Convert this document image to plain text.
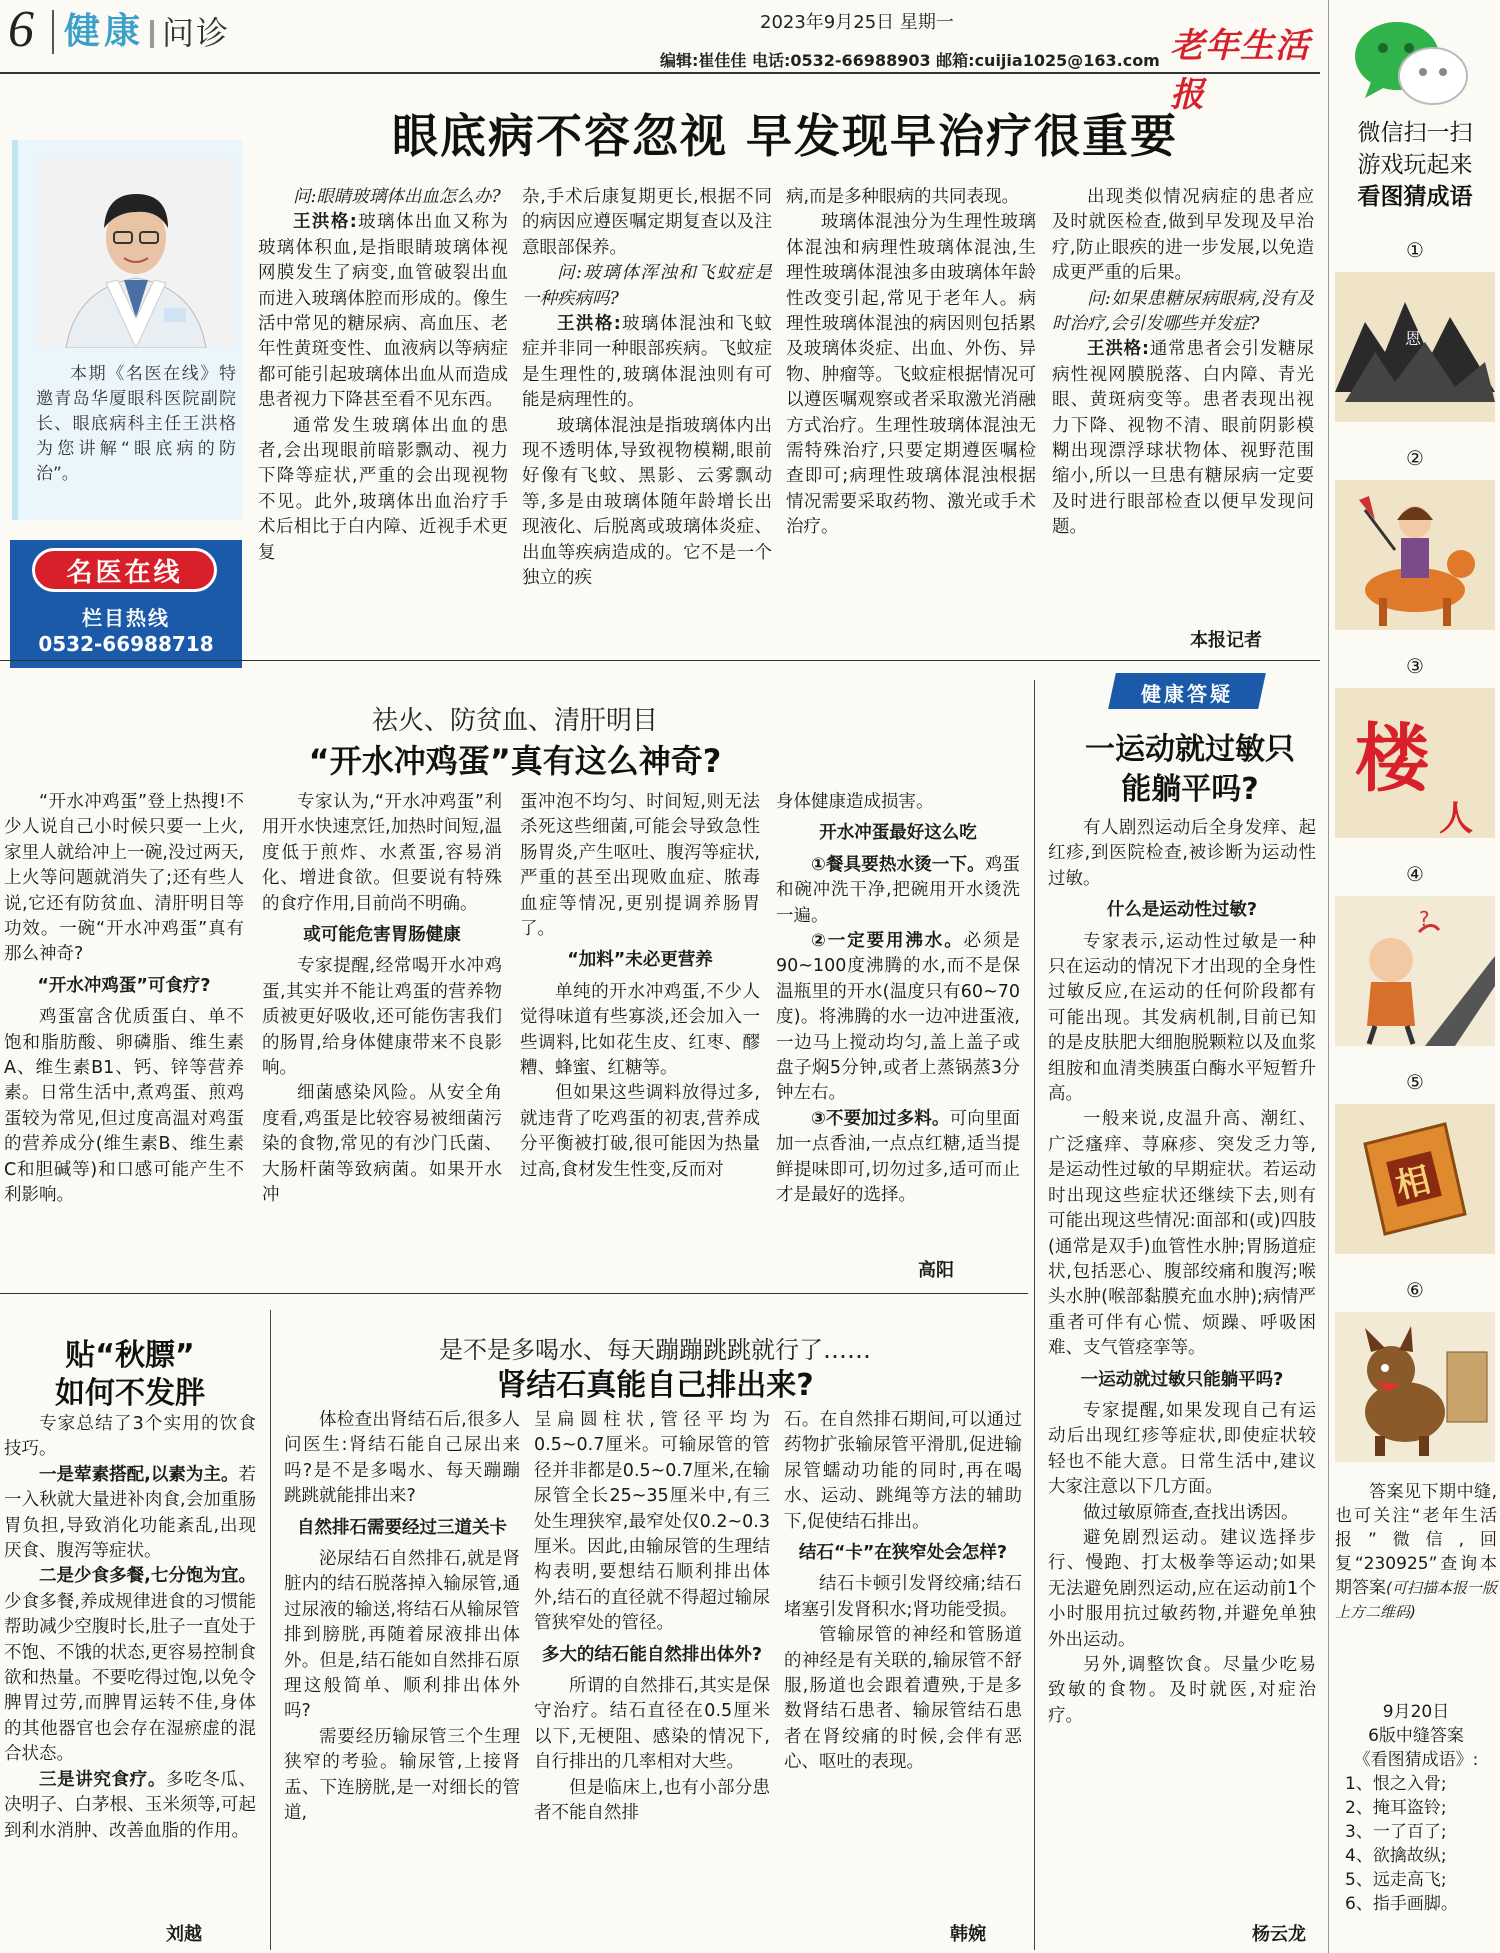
6 健康 问诊	2023年9月25日 星期一
编辑:崔佳佳 电话:0532-66988903 邮箱:cuijia1025@163.com 老年生活报
眼底病不容忽视 早发现早治疗很重要
本期《名医在线》特邀青岛华厦眼科医院副院长、眼底病科主任王洪格为您讲解“眼底病的防治”。
名医在线
栏目热线
0532-66988718

问:眼睛玻璃体出血怎么办?

王洪格:玻璃体出血又称为玻璃体积血,是指眼睛玻璃体视网膜发生了病变,血管破裂出血而进入玻璃体腔而形成的。像生活中常见的糖尿病、高血压、老年性黄斑变性、血液病以等病症都可能引起玻璃体出血从而造成患者视力下降甚至看不见东西。

通常发生玻璃体出血的患者,会出现眼前暗影飘动、视力下降等症状,严重的会出现视物不见。此外,玻璃体出血治疗手术后相比于白内障、近视手术更复

杂,手术后康复期更长,根据不同的病因应遵医嘱定期复查以及注意眼部保养。

问:玻璃体浑浊和飞蚊症是一种疾病吗?

王洪格:玻璃体混浊和飞蚊症并非同一种眼部疾病。飞蚊症是生理性的,玻璃体混浊则有可能是病理性的。

玻璃体混浊是指玻璃体内出现不透明体,导致视物模糊,眼前好像有飞蚊、黑影、云雾飘动等,多是由玻璃体随年龄增长出现液化、后脱离或玻璃体炎症、出血等疾病造成的。它不是一个独立的疾

病,而是多种眼病的共同表现。

玻璃体混浊分为生理性玻璃体混浊和病理性玻璃体混浊,生理性玻璃体混浊多由玻璃体年龄性改变引起,常见于老年人。病理性玻璃体混浊的病因则包括累及玻璃体炎症、出血、外伤、异物、肿瘤等。飞蚊症根据情况可以遵医嘱观察或者采取激光消融方式治疗。生理性玻璃体混浊无需特殊治疗,只要定期遵医嘱检查即可;病理性玻璃体混浊根据情况需要采取药物、激光或手术治疗。

出现类似情况病症的患者应及时就医检查,做到早发现及早治疗,防止眼疾的进一步发展,以免造成更严重的后果。

问:如果患糖尿病眼病,没有及时治疗,会引发哪些并发症?

王洪格:通常患者会引发糖尿病性视网膜脱落、白内障、青光眼、黄斑病变等。患者表现出视力下降、视物不清、眼前阴影模糊出现漂浮球状物体、视野范围缩小,所以一旦患有糖尿病一定要及时进行眼部检查以便早发现问题。

本报记者
祛火、防贫血、清肝明目
“开水冲鸡蛋”真有这么神奇?

“开水冲鸡蛋”登上热搜!不少人说自己小时候只要一上火,家里人就给冲上一碗,没过两天,上火等问题就消失了;还有些人说,它还有防贫血、清肝明目等功效。一碗“开水冲鸡蛋”真有那么神奇?

“开水冲鸡蛋”可食疗?

鸡蛋富含优质蛋白、单不饱和脂肪酸、卵磷脂、维生素A、维生素B1、钙、锌等营养素。日常生活中,煮鸡蛋、煎鸡蛋较为常见,但过度高温对鸡蛋的营养成分(维生素B、维生素C和胆碱等)和口感可能产生不利影响。

专家认为,“开水冲鸡蛋”利用开水快速烹饪,加热时间短,温度低于煎炸、水煮蛋,容易消化、增进食欲。但要说有特殊的食疗作用,目前尚不明确。

或可能危害胃肠健康

专家提醒,经常喝开水冲鸡蛋,其实并不能让鸡蛋的营养物质被更好吸收,还可能伤害我们的肠胃,给身体健康带来不良影响。

细菌感染风险。从安全角度看,鸡蛋是比较容易被细菌污染的食物,常见的有沙门氏菌、大肠杆菌等致病菌。如果开水冲

蛋冲泡不均匀、时间短,则无法杀死这些细菌,可能会导致急性肠胃炎,产生呕吐、腹泻等症状,严重的甚至出现败血症、脓毒血症等情况,更别提调养肠胃了。

“加料”未必更营养

单纯的开水冲鸡蛋,不少人觉得味道有些寡淡,还会加入一些调料,比如花生皮、红枣、醪糟、蜂蜜、红糖等。

但如果这些调料放得过多,就违背了吃鸡蛋的初衷,营养成分平衡被打破,很可能因为热量过高,食材发生性变,反而对

身体健康造成损害。

开水冲蛋最好这么吃

①餐具要热水烫一下。鸡蛋和碗冲洗干净,把碗用开水烫洗一遍。

②一定要用沸水。必须是90~100度沸腾的水,而不是保温瓶里的开水(温度只有60~70度)。将沸腾的水一边冲进蛋液,一边马上搅动均匀,盖上盖子或盘子焖5分钟,或者上蒸锅蒸3分钟左右。

③不要加过多料。可向里面加一点香油,一点点红糖,适当提鲜提味即可,切勿过多,适可而止才是最好的选择。

高阳
健康答疑
一运动就过敏只能躺平吗?

有人剧烈运动后全身发痒、起红疹,到医院检查,被诊断为运动性过敏。

什么是运动性过敏?

专家表示,运动性过敏是一种只在运动的情况下才出现的全身性过敏反应,在运动的任何阶段都有可能出现。其发病机制,目前已知的是皮肤肥大细胞脱颗粒以及血浆组胺和血清类胰蛋白酶水平短暂升高。

一般来说,皮温升高、潮红、广泛瘙痒、荨麻疹、突发乏力等,是运动性过敏的早期症状。若运动时出现这些症状还继续下去,则有可能出现这些情况:面部和(或)四肢(通常是双手)血管性水肿;胃肠道症状,包括恶心、腹部绞痛和腹泻;喉头水肿(喉部黏膜充血水肿);病情严重者可伴有心慌、烦躁、呼吸困难、支气管痉挛等。

一运动就过敏只能躺平吗?

专家提醒,如果发现自己有运动后出现红疹等症状,即使症状较轻也不能大意。日常生活中,建议大家注意以下几方面。

做过敏原筛查,查找出诱因。

避免剧烈运动。建议选择步行、慢跑、打太极拳等运动;如果无法避免剧烈运动,应在运动前1个小时服用抗过敏药物,并避免单独外出运动。

另外,调整饮食。尽量少吃易致敏的食物。及时就医,对症治疗。

杨云龙
贴“秋膘”
如何不发胖

专家总结了3个实用的饮食技巧。

一是荤素搭配,以素为主。若一入秋就大量进补肉食,会加重肠胃负担,导致消化功能紊乱,出现厌食、腹泻等症状。

二是少食多餐,七分饱为宜。少食多餐,养成规律进食的习惯能帮助减少空腹时长,肚子一直处于不饱、不饿的状态,更容易控制食欲和热量。不要吃得过饱,以免令脾胃过劳,而脾胃运转不佳,身体的其他器官也会存在湿瘀虚的混合状态。

三是讲究食疗。多吃冬瓜、决明子、白茅根、玉米须等,可起到利水消肿、改善血脂的作用。

刘越
是不是多喝水、每天蹦蹦跳跳就行了……
肾结石真能自己排出来?

体检查出肾结石后,很多人问医生:肾结石能自己尿出来吗?是不是多喝水、每天蹦蹦跳跳就能排出来?

自然排石需要经过三道关卡

泌尿结石自然排石,就是肾脏内的结石脱落掉入输尿管,通过尿液的输送,将结石从输尿管排到膀胱,再随着尿液排出体外。但是,结石能如自然排石原理这般简单、顺利排出体外吗?

需要经历输尿管三个生理狭窄的考验。输尿管,上接肾盂、下连膀胱,是一对细长的管道,

呈扁圆柱状,管径平均为0.5~0.7厘米。可输尿管的管径并非都是0.5~0.7厘米,在输尿管全长25~35厘米中,有三处生理狭窄,最窄处仅0.2~0.3厘米。因此,由输尿管的生理结构表明,要想结石顺利排出体外,结石的直径就不得超过输尿管狭窄处的管径。

多大的结石能自然排出体外?

所谓的自然排石,其实是保守治疗。结石直径在0.5厘米以下,无梗阻、感染的情况下,自行排出的几率相对大些。

但是临床上,也有小部分患者不能自然排

石。在自然排石期间,可以通过药物扩张输尿管平滑肌,促进输尿管蠕动功能的同时,再在喝水、运动、跳绳等方法的辅助下,促使结石排出。

结石“卡”在狭窄处会怎样?

结石卡顿引发肾绞痛;结石堵塞引发肾积水;肾功能受损。

管输尿管的神经和管肠道的神经是有关联的,输尿管不舒服,肠道也会跟着遭殃,于是多数肾结石患者、输尿管结石患者在肾绞痛的时候,会伴有恶心、呕吐的表现。

韩婉
微信扫一扫
游戏玩起来
看图猜成语
①
恩
②
③
楼
人
④
?
⑤
相
⑥
答案见下期中缝,也可关注“老年生活报”微信,回复“230925”查询本期答案(可扫描本报一版上方二维码)
9月20日
6版中缝答案
《看图猜成语》:
1、恨之入骨;
2、掩耳盗铃;
3、一了百了;
4、欲擒故纵;
5、远走高飞;
6、指手画脚。
